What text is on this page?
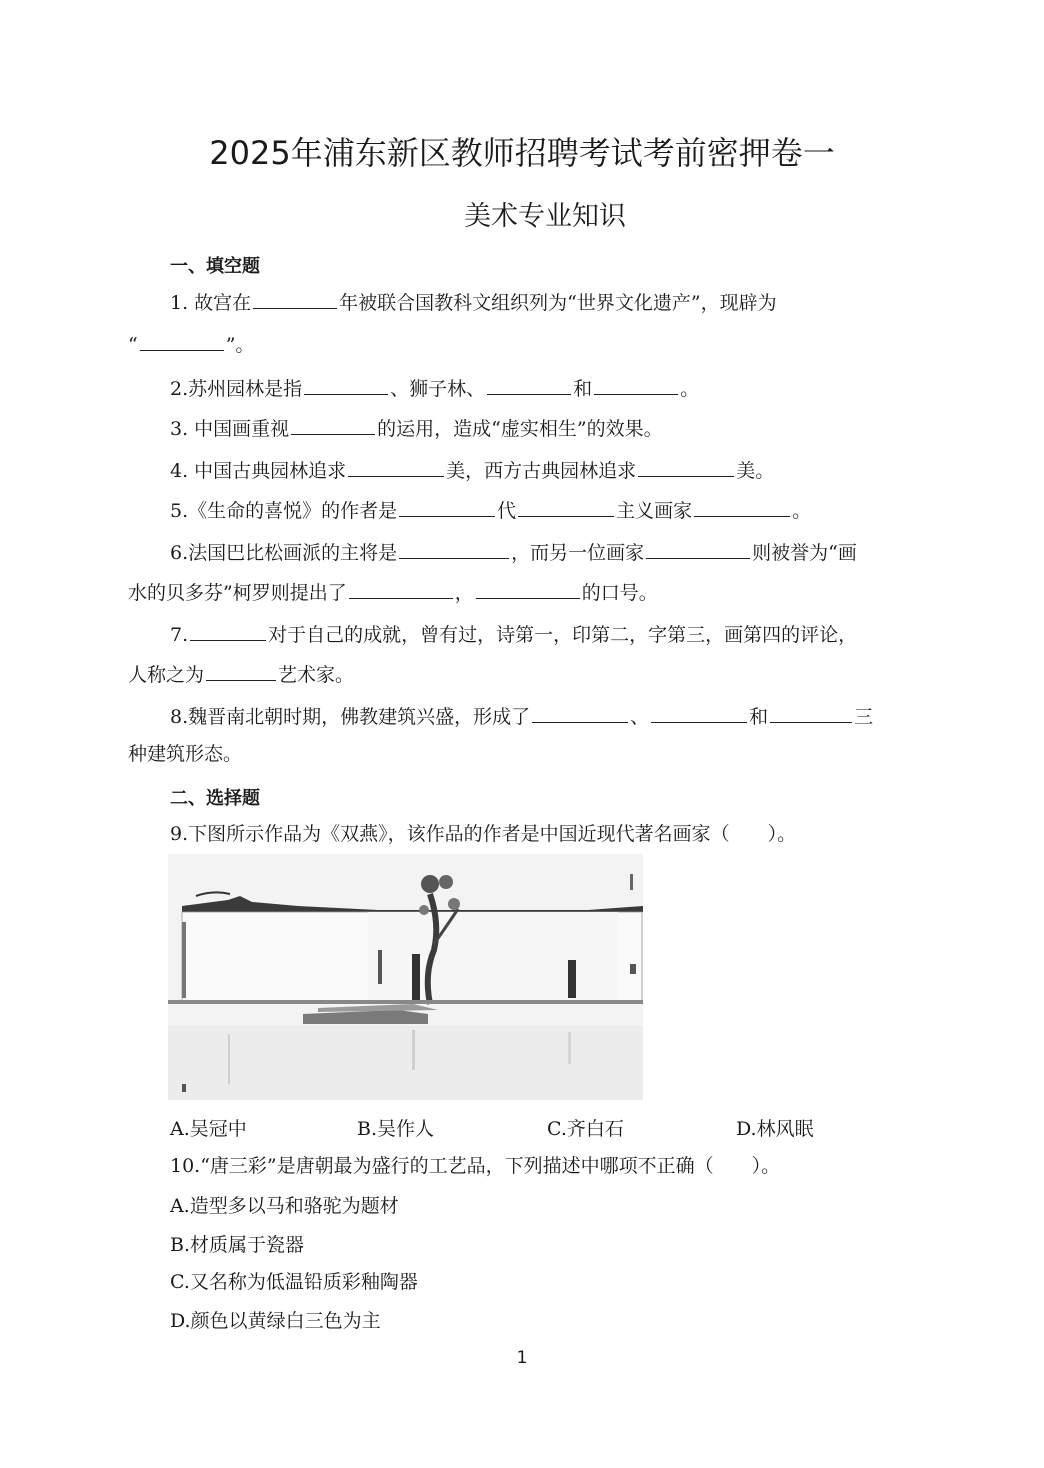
2025年浦东新区教师招聘考试考前密押卷一
美术专业知识
一、填空题
1. 故宫在	年被联合国教科文组织列为“世界文化遗产”，现辟为
“	”。
2.苏州园林是指	、狮子林、	和	。
3. 中国画重视	的运用，造成“虚实相生”的效果。
4. 中国古典园林追求	美，西方古典园林追求	美。
5.《生命的喜悦》的作者是	代	主义画家	。
6.法国巴比松画派的主将是	，而另一位画家	则被誉为“画
水的贝多芬”柯罗则提出了	，	的口号。
7.	对于自己的成就，曾有过，诗第一，印第二，字第三，画第四的评论，
人称之为	艺术家。
8.魏晋南北朝时期，佛教建筑兴盛，形成了	、	和	三
种建筑形态。
二、选择题
9.下图所示作品为《双燕》，该作品的作者是中国近现代著名画家（　　）。
A.吴冠中	B.吴作人	C.齐白石	D.林风眠
10.“唐三彩”是唐朝最为盛行的工艺品，下列描述中哪项不正确（　　）。
A.造型多以马和骆驼为题材
B.材质属于瓷器
C.又名称为低温铅质彩釉陶器
D.颜色以黄绿白三色为主
1
